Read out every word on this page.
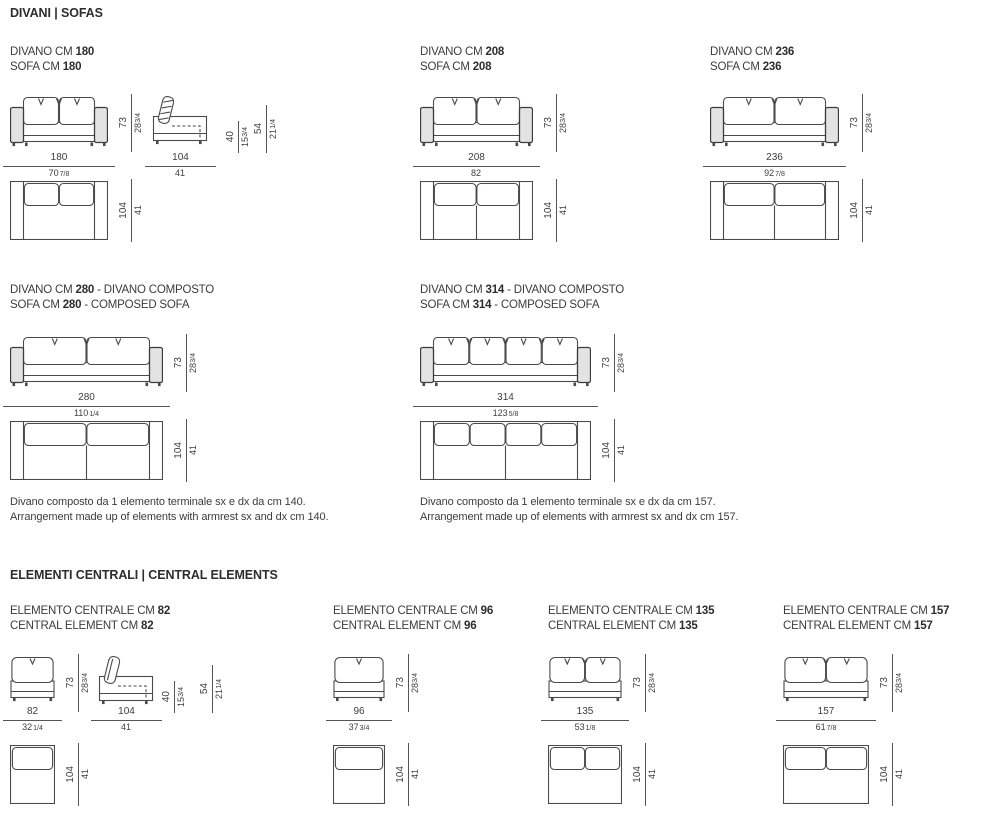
DIVANI | SOFAS
DIVANO CM 180
SOFA CM 180
73 3/4
28
180
707/8
104
41
40 3/4
15
54 1/4
21
104 41
DIVANO CM 208
SOFA CM 208
73 3/4
28
208
82
104 41
DIVANO CM 236
SOFA CM 236
73 3/4
28
236
927/8
104 41
DIVANO CM 280 - DIVANO COMPOSTO
SOFA CM 280 - COMPOSED SOFA
73 3/4
28
280
1101/4
104 41
Divano composto da 1 elemento terminale sx e dx da cm 140.
Arrangement made up of elements with armrest sx and dx cm 140.
DIVANO CM 314 - DIVANO COMPOSTO
SOFA CM 314 - COMPOSED SOFA
73 3/4
28
314
1235/8
104 41
Divano composto da 1 elemento terminale sx e dx da cm 157.
Arrangement made up of elements with armrest sx and dx cm 157.
ELEMENTI CENTRALI | CENTRAL ELEMENTS
ELEMENTO CENTRALE CM 82
CENTRAL ELEMENT CM 82
73 3/4
28
82
321/4
104
41
40 3/4
15
54 1/4
21
104 41
ELEMENTO CENTRALE CM 96
CENTRAL ELEMENT CM 96
73 3/4
28
96
373/4
104 41
ELEMENTO CENTRALE CM 135
CENTRAL ELEMENT CM 135
73 3/4
28
135
531/8
104 41
ELEMENTO CENTRALE CM 157
CENTRAL ELEMENT CM 157
73 3/4
28
157
617/8
104 41
